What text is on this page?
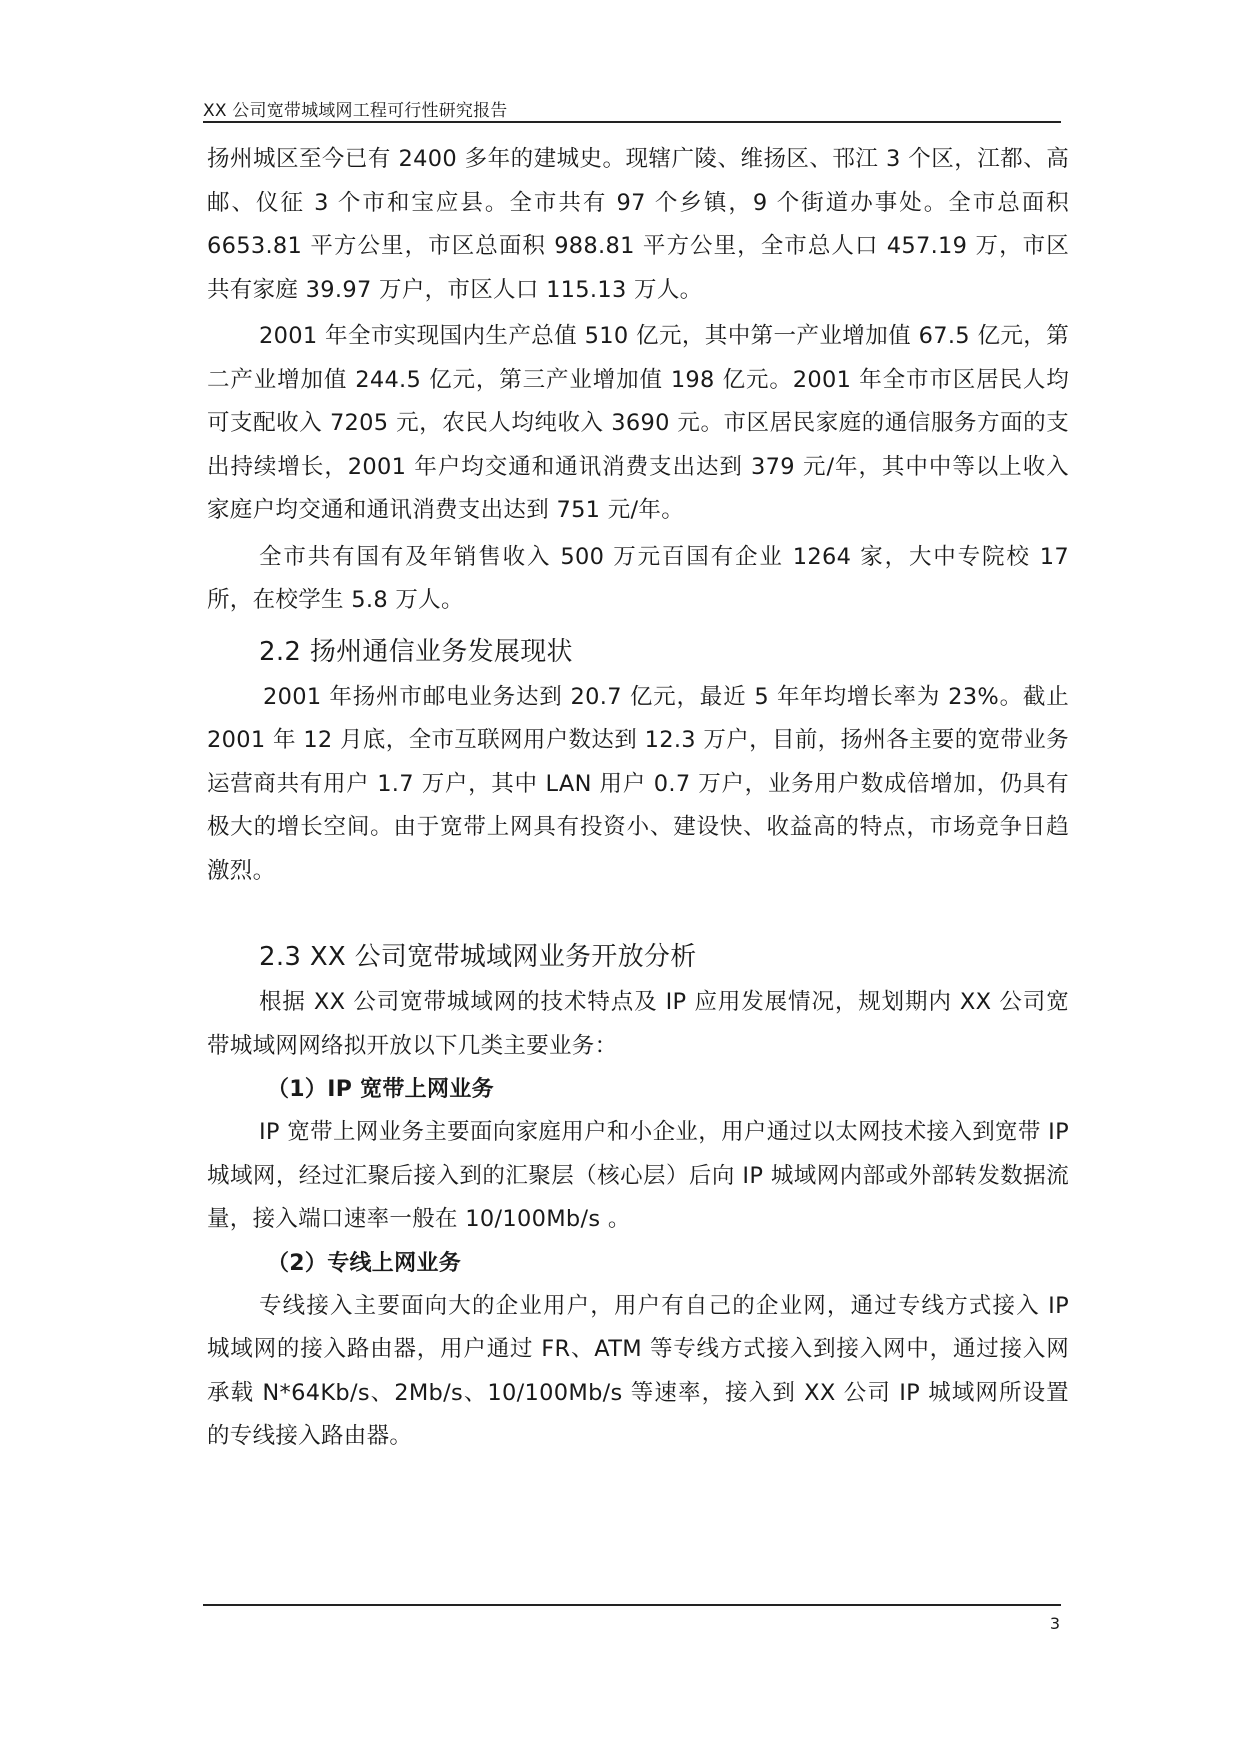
XX 公司宽带城域网工程可行性研究报告

扬州城区至今已有 2400 多年的建城史。现辖广陵、维扬区、邗江 3 个区，江都、高邮、仪征 3 个市和宝应县。全市共有 97 个乡镇，9 个街道办事处。全市总面积 6653.81 平方公里，市区总面积 988.81 平方公里，全市总人口 457.19 万，市区共有家庭 39.97 万户，市区人口 115.13 万人。

2001 年全市实现国内生产总值 510 亿元，其中第一产业增加值 67.5 亿元，第二产业增加值 244.5 亿元，第三产业增加值 198 亿元。2001 年全市市区居民人均可支配收入 7205 元，农民人均纯收入 3690 元。市区居民家庭的通信服务方面的支出持续增长，2001 年户均交通和通讯消费支出达到 379 元/年，其中中等以上收入家庭户均交通和通讯消费支出达到 751 元/年。

全市共有国有及年销售收入 500 万元百国有企业 1264 家，大中专院校 17 所，在校学生 5.8 万人。

2.2 扬州通信业务发展现状

2001 年扬州市邮电业务达到 20.7 亿元，最近 5 年年均增长率为 23%。截止 2001 年 12 月底，全市互联网用户数达到 12.3 万户，目前，扬州各主要的宽带业务运营商共有用户 1.7 万户，其中 LAN 用户 0.7 万户，业务用户数成倍增加，仍具有极大的增长空间。由于宽带上网具有投资小、建设快、收益高的特点，市场竞争日趋激烈。

2.3 XX 公司宽带城域网业务开放分析

根据 XX 公司宽带城域网的技术特点及 IP 应用发展情况，规划期内 XX 公司宽带城域网网络拟开放以下几类主要业务：

（1）IP 宽带上网业务

IP 宽带上网业务主要面向家庭用户和小企业，用户通过以太网技术接入到宽带 IP 城域网，经过汇聚后接入到的汇聚层（核心层）后向 IP 城域网内部或外部转发数据流量，接入端口速率一般在 10/100Mb/s 。

（2）专线上网业务

专线接入主要面向大的企业用户，用户有自己的企业网，通过专线方式接入 IP 城域网的接入路由器，用户通过 FR、ATM 等专线方式接入到接入网中，通过接入网承载 N*64Kb/s、2Mb/s、10/100Mb/s 等速率，接入到 XX 公司 IP 城域网所设置的专线接入路由器。

3
